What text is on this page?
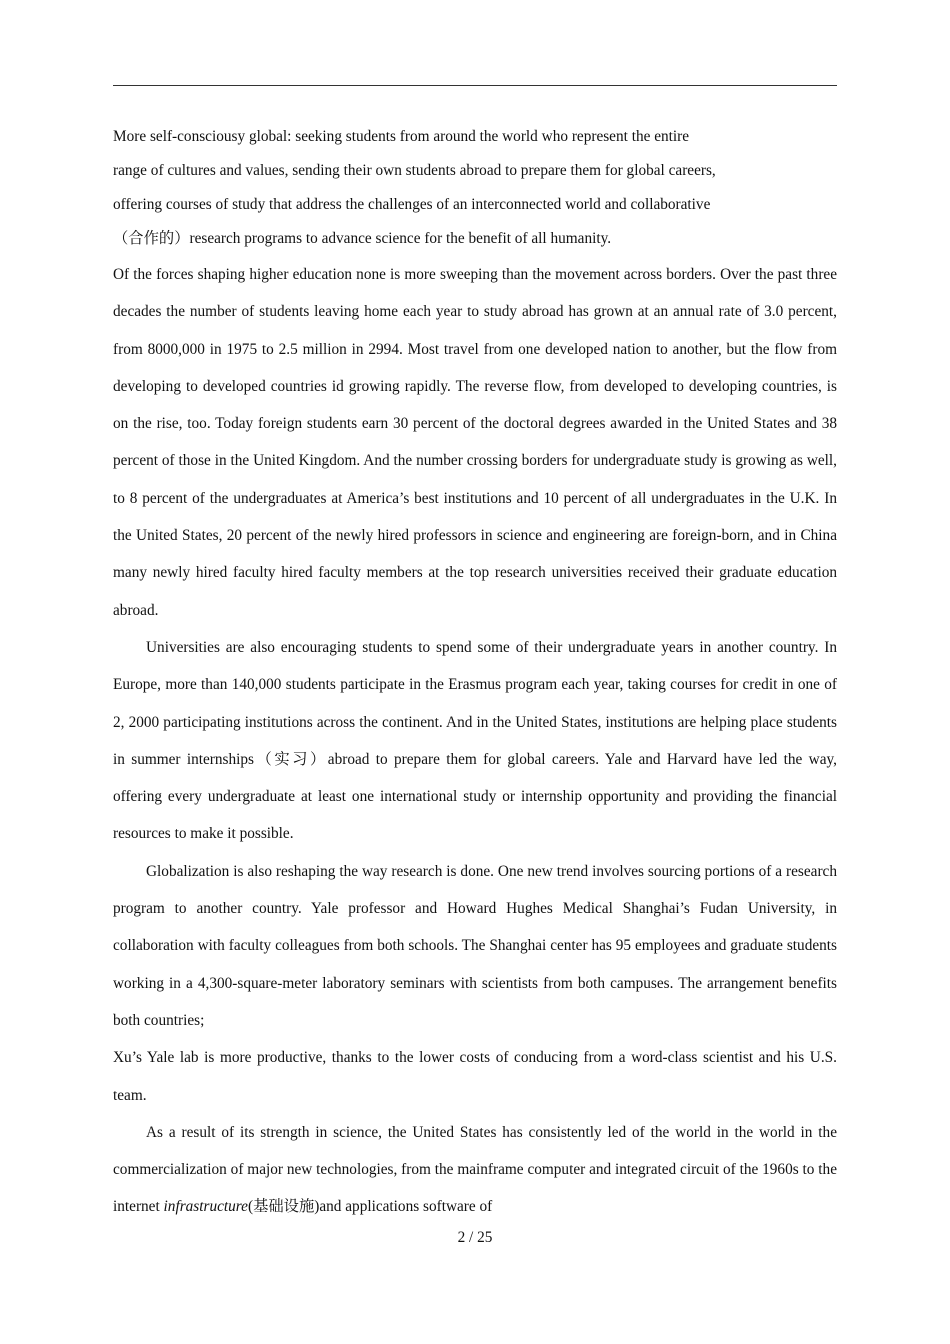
More self-consciousy global: seeking students from around the world who represent the entire
range of cultures and values, sending their own students abroad to prepare them for global careers,
offering courses of study that address the challenges of an interconnected world and collaborative
（合作的）research programs to advance science for the benefit of all humanity.

Of the forces shaping higher education none is more sweeping than the movement across borders. Over the past three decades the number of students leaving home each year to study abroad has grown at an annual rate of 3.0 percent, from 8000,000 in 1975 to 2.5 million in 2994. Most travel from one developed nation to another, but the flow from developing to developed countries id growing rapidly. The reverse flow, from developed to developing countries, is on the rise, too. Today foreign students earn 30 percent of the doctoral degrees awarded in the United States and 38 percent of those in the United Kingdom. And the number crossing borders for undergraduate study is growing as well, to 8 percent of the undergraduates at America’s best institutions and 10 percent of all undergraduates in the U.K. In the United States, 20 percent of the newly hired professors in science and engineering are foreign-born, and in China many newly hired faculty hired faculty members at the top research universities received their graduate education abroad.

Universities are also encouraging students to spend some of their undergraduate years in another country. In Europe, more than 140,000 students participate in the Erasmus program each year, taking courses for credit in one of 2, 2000 participating institutions across the continent. And in the United States, institutions are helping place students in summer internships（实习）abroad to prepare them for global careers. Yale and Harvard have led the way, offering every undergraduate at least one international study or internship opportunity and providing the financial resources to make it possible.

Globalization is also reshaping the way research is done. One new trend involves sourcing portions of a research program to another country. Yale professor and Howard Hughes Medical Shanghai’s Fudan University, in collaboration with faculty colleagues from both schools. The Shanghai center has 95 employees and graduate students working in a 4,300-square-meter laboratory seminars with scientists from both campuses. The arrangement benefits both countries;

Xu’s Yale lab is more productive, thanks to the lower costs of conducing from a word-class scientist and his U.S. team.

As a result of its strength in science, the United States has consistently led of the world in the world in the commercialization of major new technologies, from the mainframe computer and integrated circuit of the 1960s to the internet infrastructure(基础设施)and applications software of

2 / 25
